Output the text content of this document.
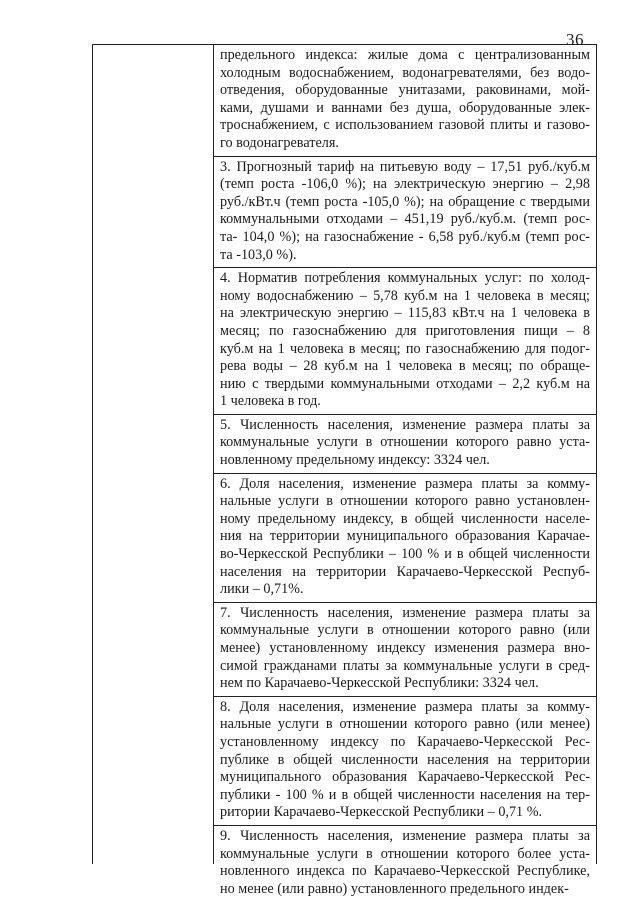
36
предельного индекса: жилые дома с централизованным
холодным водоснабжением, водонагревателями, без водо-
отведения, оборудованные унитазами, раковинами, мой-
ками, душами и ваннами без душа, оборудованные элек-
троснабжением, с использованием газовой плиты и газово-
го водонагревателя.
3. Прогнозный тариф на питьевую воду – 17,51 руб./куб.м
(темп роста -106,0 %); на электрическую энергию – 2,98
руб./кВт.ч (темп роста -105,0 %); на обращение с твердыми
коммунальными отходами – 451,19 руб./куб.м. (темп рос-
та- 104,0 %); на газоснабжение - 6,58 руб./куб.м (темп рос-
та -103,0 %).
4. Норматив потребления коммунальных услуг: по холод-
ному водоснабжению – 5,78 куб.м на 1 человека в месяц;
на электрическую энергию – 115,83 кВт.ч на 1 человека в
месяц; по газоснабжению для приготовления пищи – 8
куб.м на 1 человека в месяц; по газоснабжению для подог-
рева воды – 28 куб.м на 1 человека в месяц; по обраще-
нию с твердыми коммунальными отходами – 2,2 куб.м на
1 человека в год.
5. Численность населения, изменение размера платы за
коммунальные услуги в отношении которого равно уста-
новленному предельному индексу: 3324 чел.
6. Доля населения, изменение размера платы за комму-
нальные услуги в отношении которого равно установлен-
ному предельному индексу, в общей численности населе-
ния на территории муниципального образования Карачае-
во-Черкесской Республики – 100 % и в общей численности
населения на территории Карачаево-Черкесской Респуб-
лики – 0,71%.
7. Численность населения, изменение размера платы за
коммунальные услуги в отношении которого равно (или
менее) установленному индексу изменения размера вно-
симой гражданами платы за коммунальные услуги в сред-
нем по Карачаево-Черкесской Республики: 3324 чел.
8. Доля населения, изменение размера платы за комму-
нальные услуги в отношении которого равно (или менее)
установленному индексу по Карачаево-Черкесской Рес-
публике в общей численности населения на территории
муниципального образования Карачаево-Черкесской Рес-
публики - 100 % и в общей численности населения на тер-
ритории Карачаево-Черкесской Республики – 0,71 %.
9. Численность населения, изменение размера платы за
коммунальные услуги в отношении которого более уста-
новленного индекса по Карачаево-Черкесской Республике,
но менее (или равно) установленного предельного индек-
